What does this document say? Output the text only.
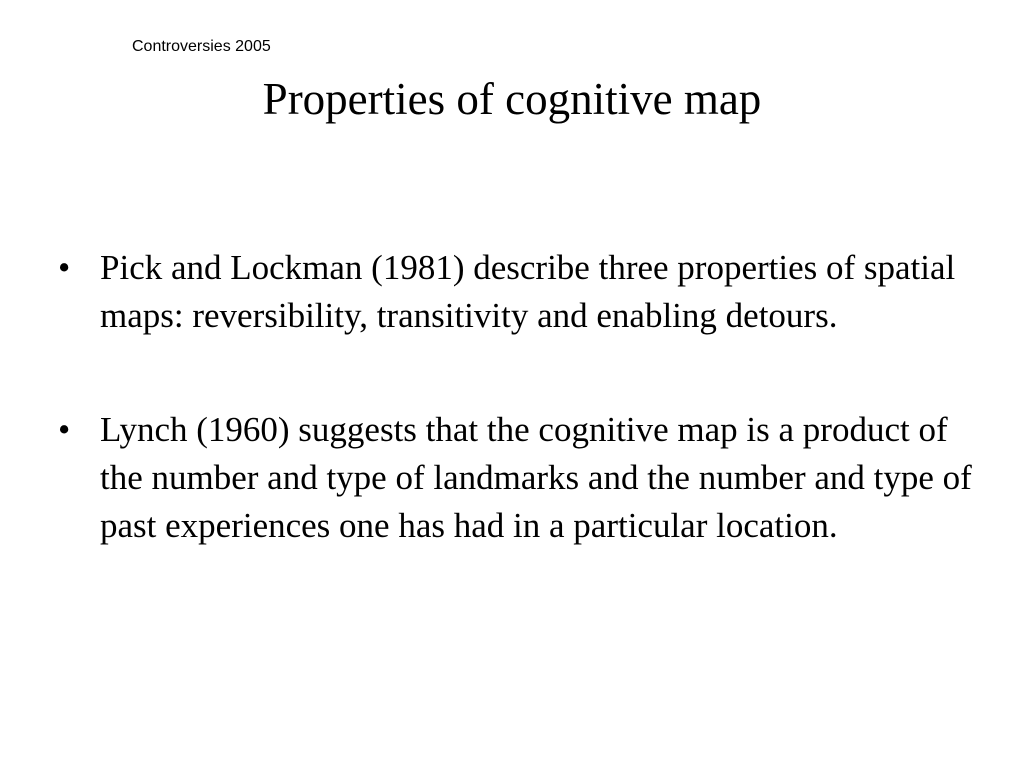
Controversies 2005
Properties of cognitive map
• Pick and Lockman (1981) describe three properties of spatial maps: reversibility, transitivity and enabling detours.
• Lynch (1960) suggests that the cognitive map is a product of the number and type of landmarks and the number and type of past experiences one has had in a particular location.
